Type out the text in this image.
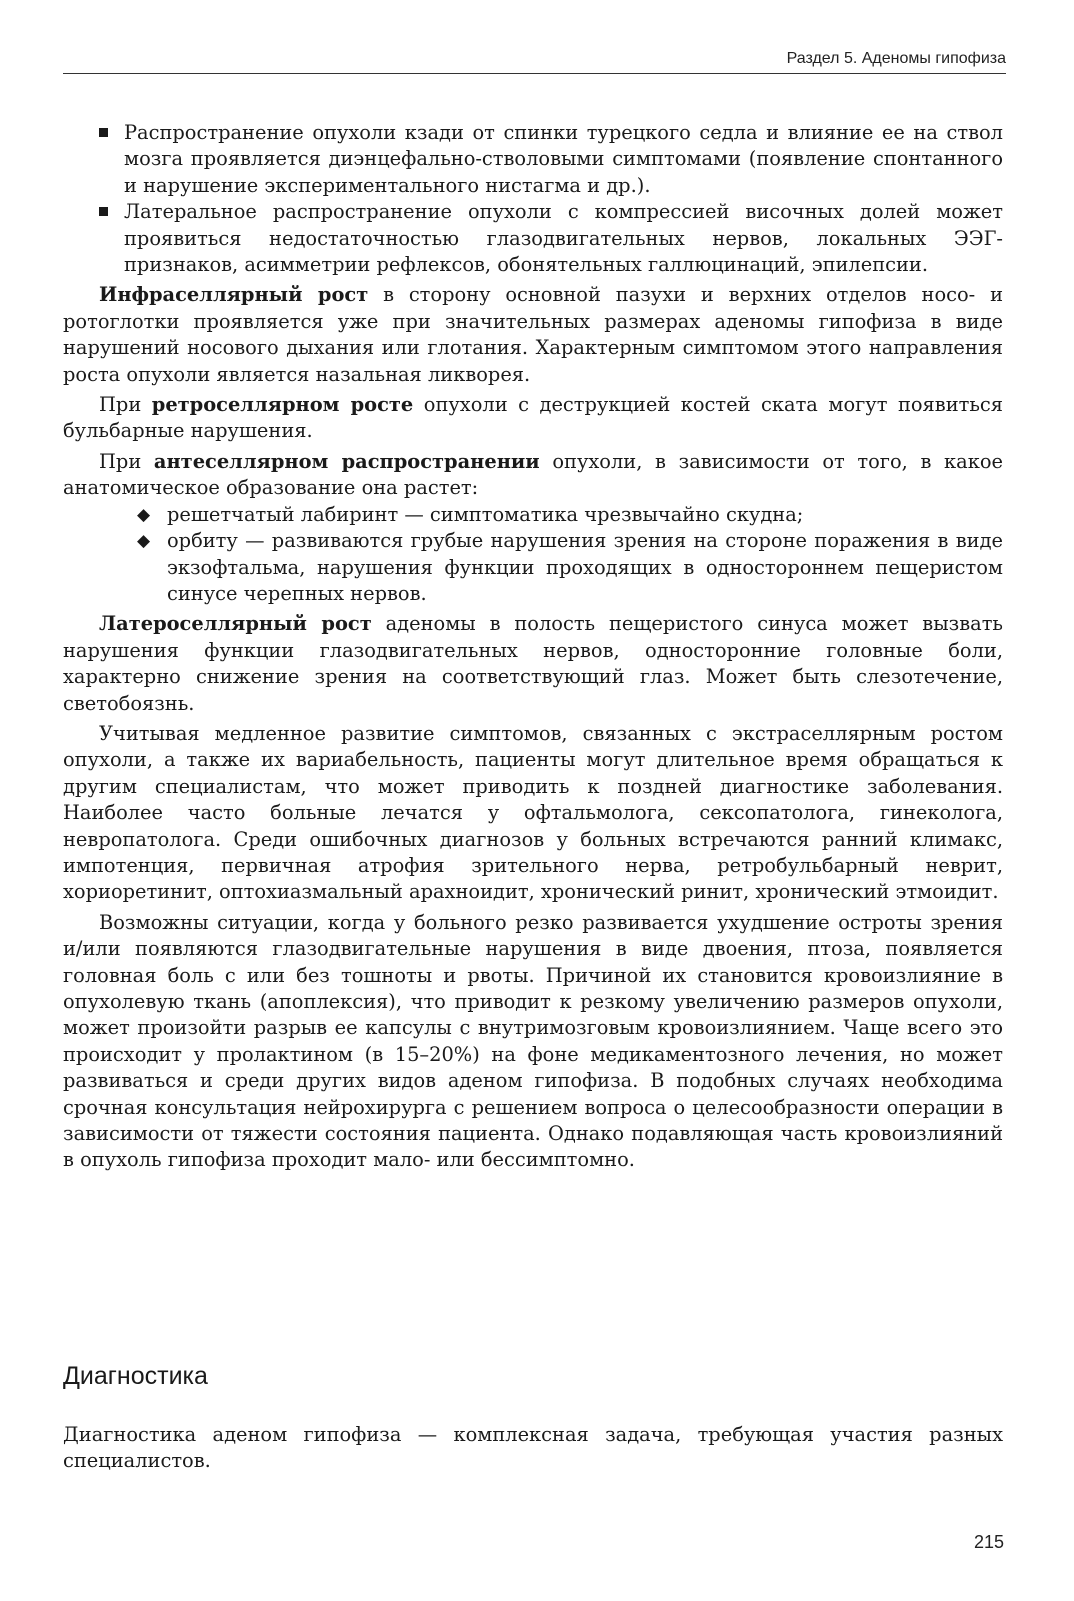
Раздел 5. Аденомы гипофиза
Распространение опухоли кзади от спинки турецкого седла и влияние ее на ствол мозга проявляется диэнцефально-стволовыми симптомами (появление спонтанного и нарушение экспериментального нистагма и др.).
Латеральное распространение опухоли с компрессией височных долей может проявиться недостаточностью глазодвигательных нервов, локальных ЭЭГ-признаков, асимметрии рефлексов, обонятельных галлюцинаций, эпилепсии.

Инфраселлярный рост в сторону основной пазухи и верхних отделов носо- и ротоглотки проявляется уже при значительных размерах аденомы гипофиза в виде нарушений носового дыхания или глотания. Характерным симптомом этого направления роста опухоли является назальная ликворея.

При ретроселлярном росте опухоли с деструкцией костей ската могут появиться бульбарные нарушения.

При антеселлярном распространении опухоли, в зависимости от того, в какое анатомическое образование она растет:

◆ решетчатый лабиринт — симптоматика чрезвычайно скудна;
◆ орбиту — развиваются грубые нарушения зрения на стороне поражения в виде экзофтальма, нарушения функции проходящих в одностороннем пещеристом синусе черепных нервов.

Латероселлярный рост аденомы в полость пещеристого синуса может вызвать нарушения функции глазодвигательных нервов, односторонние головные боли, характерно снижение зрения на соответствующий глаз. Может быть слезотечение, светобоязнь.

Учитывая медленное развитие симптомов, связанных с экстраселлярным ростом опухоли, а также их вариабельность, пациенты могут длительное время обращаться к другим специалистам, что может приводить к поздней диагностике заболевания. Наиболее часто больные лечатся у офтальмолога, сексопатолога, гинеколога, невропатолога. Среди ошибочных диагнозов у больных встречаются ранний климакс, импотенция, первичная атрофия зрительного нерва, ретробульбарный неврит, хориоретинит, оптохиазмальный арахноидит, хронический ринит, хронический этмоидит.

Возможны ситуации, когда у больного резко развивается ухудшение остроты зрения и/или появляются глазодвигательные нарушения в виде двоения, птоза, появляется головная боль с или без тошноты и рвоты. Причиной их становится кровоизлияние в опухолевую ткань (апоплексия), что приводит к резкому увеличению размеров опухоли, может произойти разрыв ее капсулы с внутримозговым кровоизлиянием. Чаще всего это происходит у пролактином (в 15–20%) на фоне медикаментозного лечения, но может развиваться и среди других видов аденом гипофиза. В подобных случаях необходима срочная консультация нейрохирурга с решением вопроса о целесообразности операции в зависимости от тяжести состояния пациента. Однако подавляющая часть кровоизлияний в опухоль гипофиза проходит мало- или бессимптомно.

Диагностика

Диагностика аденом гипофиза — комплексная задача, требующая участия разных специалистов.

215
